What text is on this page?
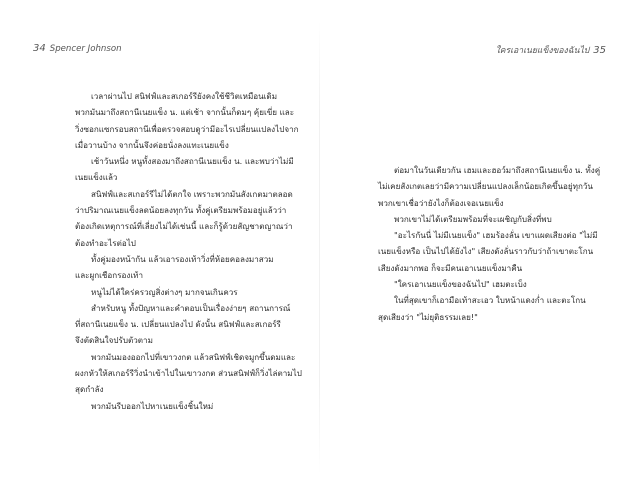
34 Spencer Johnson
เวลาผ่านไป สนิฟฟ์และสเกอร์รียังคงใช้ชีวิตเหมือนเดิม
พวกมันมาถึงสถานีเนยแข็ง น. แต่เช้า จากนั้นก็ดมๆ คุ้ยเขี่ย และ
วิ่งซอกแซกรอบสถานีเพื่อตรวจสอบดูว่ามีอะไรเปลี่ยนแปลงไปจาก
เมื่อวานบ้าง จากนั้นจึงค่อยนั่งลงแทะเนยแข็ง
เช้าวันหนึ่ง หนูทั้งสองมาถึงสถานีเนยแข็ง น. และพบว่าไม่มี
เนยแข็งแล้ว
สนิฟฟ์และสเกอร์รีไม่ได้ตกใจ เพราะพวกมันสังเกตมาตลอด
ว่าปริมาณเนยแข็งลดน้อยลงทุกวัน ทั้งคู่เตรียมพร้อมอยู่แล้วว่า
ต้องเกิดเหตุการณ์ที่เลี่ยงไม่ได้เช่นนี้ และก็รู้ด้วยสัญชาตญาณว่า
ต้องทำอะไรต่อไป
ทั้งคู่มองหน้ากัน แล้วเอารองเท้าวิ่งที่ห้อยคอลงมาสวม
และผูกเชือกรองเท้า
หนูไม่ได้ใคร่ครวญสิ่งต่างๆ มากจนเกินควร
สำหรับหนู ทั้งปัญหาและคำตอบเป็นเรื่องง่ายๆ สถานการณ์
ที่สถานีเนยแข็ง น. เปลี่ยนแปลงไป ดังนั้น สนิฟฟ์และสเกอร์รี
จึงตัดสินใจปรับตัวตาม
พวกมันมองออกไปที่เขาวงกต แล้วสนิฟฟ์เชิดจมูกขึ้นดมและ
ผงกหัวให้สเกอร์รีวิ่งนำเข้าไปในเขาวงกต ส่วนสนิฟฟ์ก็วิ่งไล่ตามไป
สุดกำลัง
พวกมันรีบออกไปหาเนยแข็งชิ้นใหม่
ใครเอาเนยแข็งของฉันไป 35
ต่อมาในวันเดียวกัน เฮมและฮอว์มาถึงสถานีเนยแข็ง น. ทั้งคู่
ไม่เคยสังเกตเลยว่ามีความเปลี่ยนแปลงเล็กน้อยเกิดขึ้นอยู่ทุกวัน
พวกเขาเชื่อว่ายังไงก็ต้องเจอเนยแข็ง
พวกเขาไม่ได้เตรียมพร้อมที่จะเผชิญกับสิ่งที่พบ
"อะไรกันนี่ ไม่มีเนยแข็ง" เฮมร้องลั่น เขาแผดเสียงต่อ "ไม่มี
เนยแข็งหรือ เป็นไปได้ยังไง" เสียงดังลั่นราวกับว่าถ้าเขาตะโกน
เสียงดังมากพอ ก็จะมีคนเอาเนยแข็งมาคืน
"ใครเอาเนยแข็งของฉันไป" เฮมตะเบ็ง
ในที่สุดเขาก็เอามือเท้าสะเอว ใบหน้าแดงก่ำ และตะโกน
สุดเสียงว่า "ไม่ยุติธรรมเลย!"
